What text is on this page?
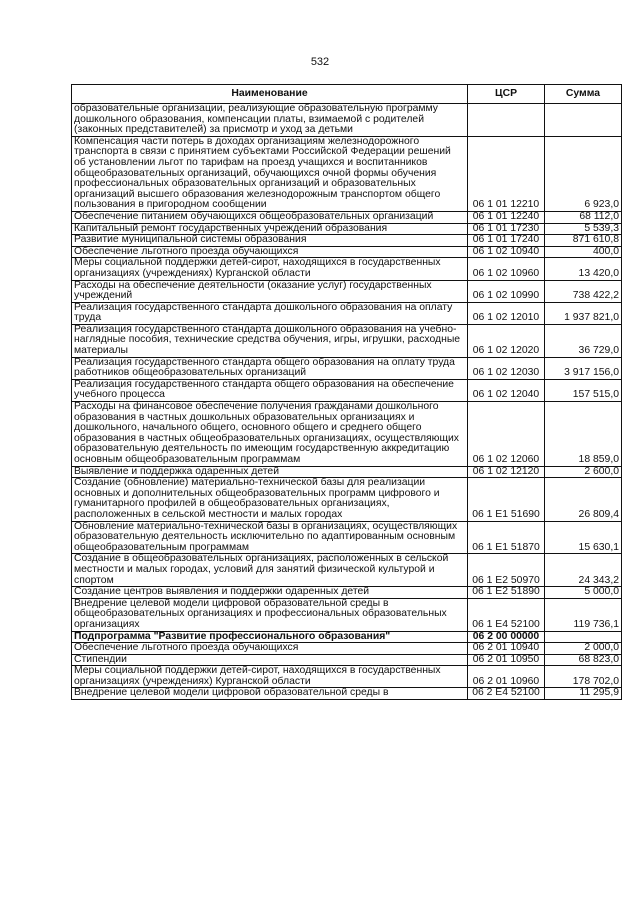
532
Наименование	ЦСР	Сумма
образовательные организации, реализующие образовательную программу дошкольного образования, компенсации платы, взимаемой с родителей (законных представителей) за присмотр и уход за детьми		
Компенсация части потерь в доходах организациям железнодорожного транспорта в связи с принятием субъектами Российской Федерации решений об установлении льгот по тарифам на проезд учащихся и воспитанников общеобразовательных организаций, обучающихся очной формы обучения профессиональных образовательных организаций и образовательных организаций высшего образования железнодорожным транспортом общего пользования в пригородном сообщении	06 1 01 12210	6 923,0
Обеспечение питанием обучающихся общеобразовательных организаций	06 1 01 12240	68 112,0
Капитальный ремонт государственных учреждений образования	06 1 01 17230	5 539,3
Развитие муниципальной системы образования	06 1 01 17240	871 610,8
Обеспечение льготного проезда обучающихся	06 1 02 10940	400,0
Меры социальной поддержки детей-сирот, находящихся в государственных организациях (учреждениях) Курганской области	06 1 02 10960	13 420,0
Расходы на обеспечение деятельности (оказание услуг) государственных учреждений	06 1 02 10990	738 422,2
Реализация государственного стандарта дошкольного образования на оплату труда	06 1 02 12010	1 937 821,0
Реализация государственного стандарта дошкольного образования на учебно-наглядные пособия, технические средства обучения, игры, игрушки, расходные материалы	06 1 02 12020	36 729,0
Реализация государственного стандарта общего образования на оплату труда работников общеобразовательных организаций	06 1 02 12030	3 917 156,0
Реализация государственного стандарта общего образования на обеспечение учебного процесса	06 1 02 12040	157 515,0
Расходы на финансовое обеспечение получения гражданами дошкольного образования в частных дошкольных образовательных организациях и дошкольного, начального общего, основного общего и среднего общего образования в частных общеобразовательных организациях, осуществляющих образовательную деятельность по имеющим государственную аккредитацию основным общеобразовательным программам	06 1 02 12060	18 859,0
Выявление и поддержка одаренных детей	06 1 02 12120	2 600,0
Создание (обновление) материально-технической базы для реализации основных и дополнительных общеобразовательных программ цифрового и гуманитарного профилей в общеобразовательных организациях, расположенных в сельской местности и малых городах	06 1 E1 51690	26 809,4
Обновление материально-технической базы в организациях, осуществляющих образовательную деятельность исключительно по адаптированным основным общеобразовательным программам	06 1 E1 51870	15 630,1
Создание в общеобразовательных организациях, расположенных в сельской местности и малых городах, условий для занятий физической культурой и спортом	06 1 E2 50970	24 343,2
Создание центров выявления и поддержки одаренных детей	06 1 E2 51890	5 000,0
Внедрение целевой модели цифровой образовательной среды в общеобразовательных организациях и профессиональных образовательных организациях	06 1 E4 52100	119 736,1
Подпрограмма "Развитие профессионального образования"	06 2 00 00000	
Обеспечение льготного проезда обучающихся	06 2 01 10940	2 000,0
Стипендии	06 2 01 10950	68 823,0
Меры социальной поддержки детей-сирот, находящихся в государственных организациях (учреждениях) Курганской области	06 2 01 10960	178 702,0
Внедрение целевой модели цифровой образовательной среды в	06 2 E4 52100	11 295,9
